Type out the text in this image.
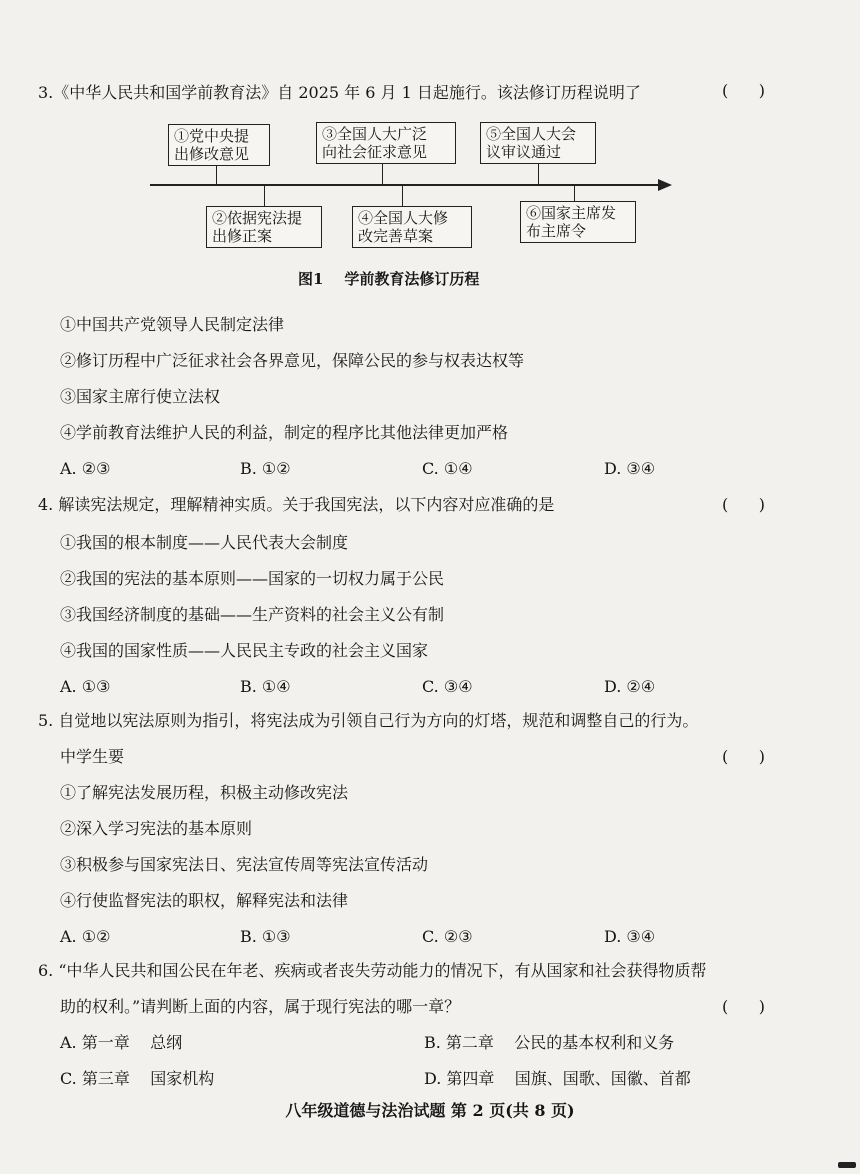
3.《中华人民共和国学前教育法》自 2025 年 6 月 1 日起施行。该法修订历程说明了	(      )
①党中央提
出修改意见
③全国人大广泛
向社会征求意见
⑤全国人大会
议审议通过
②依据宪法提
出修正案
④全国人大修
改完善草案
⑥国家主席发
布主席令
图1    学前教育法修订历程
①中国共产党领导人民制定法律
②修订历程中广泛征求社会各界意见，保障公民的参与权表达权等
③国家主席行使立法权
④学前教育法维护人民的利益，制定的程序比其他法律更加严格
A. ②③	B. ①②	C. ①④	D. ③④
4. 解读宪法规定，理解精神实质。关于我国宪法，以下内容对应准确的是	(      )
①我国的根本制度——人民代表大会制度
②我国的宪法的基本原则——国家的一切权力属于公民
③我国经济制度的基础——生产资料的社会主义公有制
④我国的国家性质——人民民主专政的社会主义国家
A. ①③	B. ①④	C. ③④	D. ②④
5. 自觉地以宪法原则为指引，将宪法成为引领自己行为方向的灯塔，规范和调整自己的行为。
中学生要	(      )
①了解宪法发展历程，积极主动修改宪法
②深入学习宪法的基本原则
③积极参与国家宪法日、宪法宣传周等宪法宣传活动
④行使监督宪法的职权，解释宪法和法律
A. ①②	B. ①③	C. ②③	D. ③④
6. “中华人民共和国公民在年老、疾病或者丧失劳动能力的情况下，有从国家和社会获得物质帮
助的权利。”请判断上面的内容，属于现行宪法的哪一章？	(      )
A. 第一章    总纲	B. 第二章    公民的基本权利和义务
C. 第三章    国家机构	D. 第四章    国旗、国歌、国徽、首都
八年级道德与法治试题 第 2 页(共 8 页)
